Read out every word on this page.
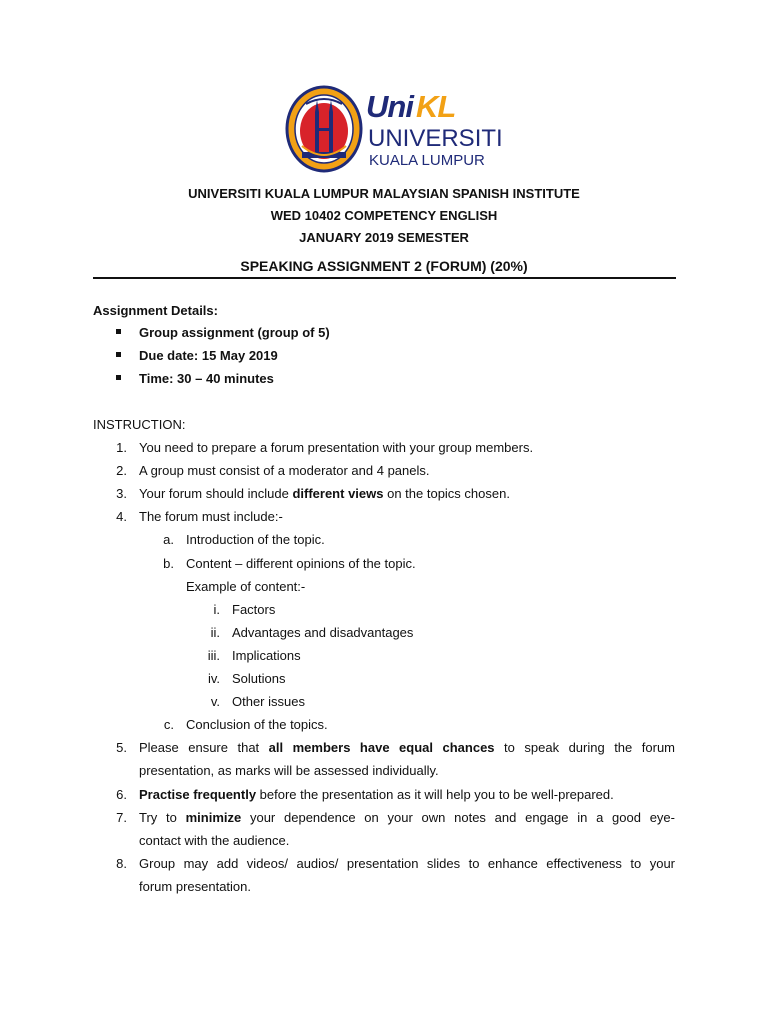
Uni KL
UNIVERSITI
KUALA LUMPUR
UNIVERSITI KUALA LUMPUR MALAYSIAN SPANISH INSTITUTE
WED 10402 COMPETENCY ENGLISH
JANUARY 2019 SEMESTER
SPEAKING ASSIGNMENT 2 (FORUM) (20%)
Assignment Details:
Group assignment (group of 5)
Due date: 15 May 2019
Time: 30 – 40 minutes
INSTRUCTION:
1. You need to prepare a forum presentation with your group members.
2. A group must consist of a moderator and 4 panels.
3. Your forum should include different views on the topics chosen.
4. The forum must include:-
a. Introduction of the topic.
b. Content – different opinions of the topic.
Example of content:-
i. Factors
ii. Advantages and disadvantages
iii. Implications
iv. Solutions
v. Other issues
c. Conclusion of the topics.
5. Please ensure that all members have equal chances to speak during the forum
presentation, as marks will be assessed individually.
6. Practise frequently before the presentation as it will help you to be well-prepared.
7. Try to minimize your dependence on your own notes and engage in a good eye-
contact with the audience.
8. Group may add videos/ audios/ presentation slides to enhance effectiveness to your
forum presentation.
